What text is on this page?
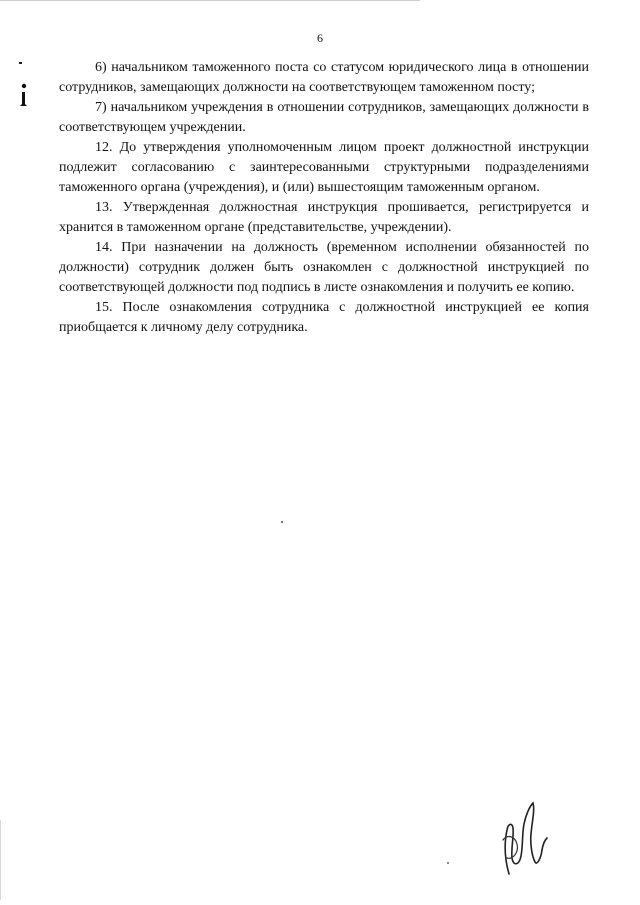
6

6) начальником таможенного поста со статусом юридического лица в отношении сотрудников, замещающих должности на соответствующем таможенном посту;

7) начальником учреждения в отношении сотрудников, замещающих должности в соответствующем учреждении.

12. До утверждения уполномоченным лицом проект должностной инструкции подлежит согласованию с заинтересованными структурными подразделениями таможенного органа (учреждения), и (или) вышестоящим таможенным органом.

13. Утвержденная должностная инструкция прошивается, регистрируется и хранится в таможенном органе (представительстве, учреждении).

14. При назначении на должность (временном исполнении обязанностей по должности) сотрудник должен быть ознакомлен с должностной инструкцией по соответствующей должности под подпись в листе ознакомления и получить ее копию.

15. После ознакомления сотрудника с должностной инструкцией ее копия приобщается к личному делу сотрудника.
